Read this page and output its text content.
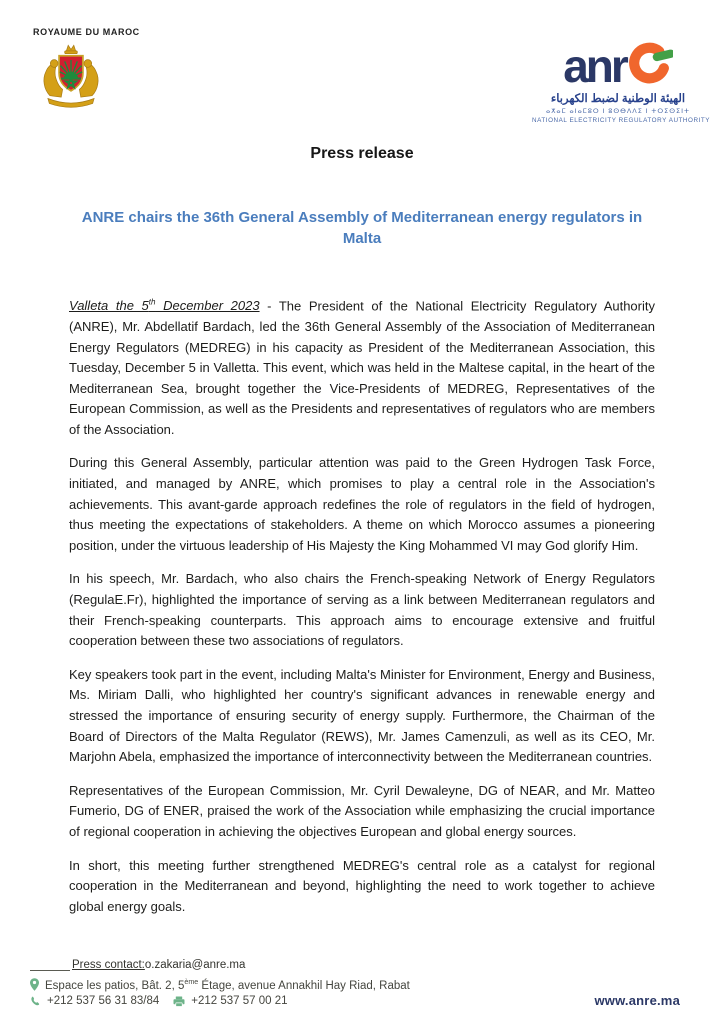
ROYAUME DU MAROC
anr
الهيئة الوطنية لضبط الكهرباء
ⴰⵅⴰⵎ ⴰⵏⴰⵎⵓⵔ ⵏ ⵓⵙⴱⴷⴷⵉ ⵏ ⵜⵔⵉⵙⵉⵏⵜ
NATIONAL ELECTRICITY REGULATORY AUTHORITY
Press release
ANRE chairs the 36th General Assembly of Mediterranean energy regulators in Malta

Valleta the 5th December 2023 - The President of the National Electricity Regulatory Authority (ANRE), Mr. Abdellatif Bardach, led the 36th General Assembly of the Association of Mediterranean Energy Regulators (MEDREG) in his capacity as President of the Mediterranean Association, this Tuesday, December 5 in Valletta. This event, which was held in the Maltese capital, in the heart of the Mediterranean Sea, brought together the Vice-Presidents of MEDREG, Representatives of the European Commission, as well as the Presidents and representatives of regulators who are members of the Association.

During this General Assembly, particular attention was paid to the Green Hydrogen Task Force, initiated, and managed by ANRE, which promises to play a central role in the Association's achievements. This avant-garde approach redefines the role of regulators in the field of hydrogen, thus meeting the expectations of stakeholders. A theme on which Morocco assumes a pioneering position, under the virtuous leadership of His Majesty the King Mohammed VI may God glorify Him.

In his speech, Mr. Bardach, who also chairs the French-speaking Network of Energy Regulators (RegulaE.Fr), highlighted the importance of serving as a link between Mediterranean regulators and their French-speaking counterparts. This approach aims to encourage extensive and fruitful cooperation between these two associations of regulators.

Key speakers took part in the event, including Malta's Minister for Environment, Energy and Business, Ms. Miriam Dalli, who highlighted her country's significant advances in renewable energy and stressed the importance of ensuring security of energy supply. Furthermore, the Chairman of the Board of Directors of the Malta Regulator (REWS), Mr. James Camenzuli, as well as its CEO, Mr. Marjohn Abela, emphasized the importance of interconnectivity between the Mediterranean countries.

Representatives of the European Commission, Mr. Cyril Dewaleyne, DG of NEAR, and Mr. Matteo Fumerio, DG of ENER, praised the work of the Association while emphasizing the crucial importance of regional cooperation in achieving the objectives European and global energy sources.

In short, this meeting further strengthened MEDREG's central role as a catalyst for regional cooperation in the Mediterranean and beyond, highlighting the need to work together to achieve global energy goals.

Press contact: o.zakaria@anre.ma
Espace les patios, Bât. 2, 5ème Étage, avenue Annakhil Hay Riad, Rabat
+212 537 56 31 83/84	+212 537 57 00 21	www.anre.ma
